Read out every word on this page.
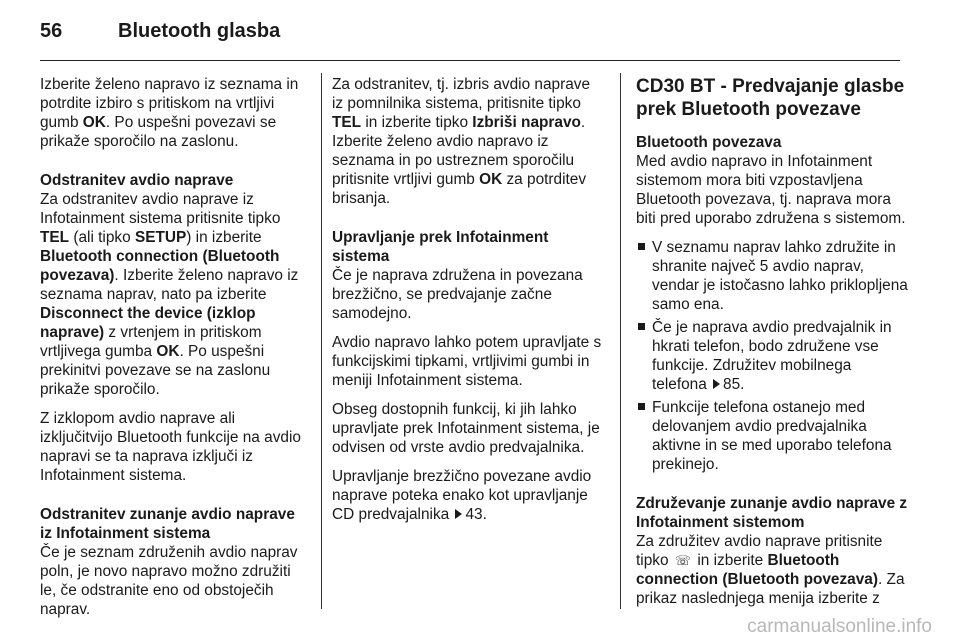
56	Bluetooth glasba

Izberite želeno napravo iz seznama in potrdite izbiro s pritiskom na vrtljivi gumb OK. Po uspešni povezavi se prikaže sporočilo na zaslonu.

Odstranitev avdio naprave
Za odstranitev avdio naprave iz Infotainment sistema pritisnite tipko TEL (ali tipko SETUP) in izberite Bluetooth connection (Bluetooth povezava). Izberite želeno napravo iz seznama naprav, nato pa izberite Disconnect the device (izklop naprave) z vrtenjem in pritiskom vrtljivega gumba OK. Po uspešni prekinitvi povezave se na zaslonu prikaže sporočilo.

Z izklopom avdio naprave ali izključitvijo Bluetooth funkcije na avdio napravi se ta naprava izključi iz Infotainment sistema.

Odstranitev zunanje avdio naprave iz Infotainment sistema
Če je seznam združenih avdio naprav poln, je novo napravo možno združiti le, če odstranite eno od obstoječih naprav.

Za odstranitev, tj. izbris avdio naprave iz pomnilnika sistema, pritisnite tipko TEL in izberite tipko Izbriši napravo. Izberite želeno avdio napravo iz seznama in po ustreznem sporočilu pritisnite vrtljivi gumb OK za potrditev brisanja.

Upravljanje prek Infotainment sistema
Če je naprava združena in povezana brezžično, se predvajanje začne samodejno.

Avdio napravo lahko potem upravljate s funkcijskimi tipkami, vrtljivimi gumbi in meniji Infotainment sistema.

Obseg dostopnih funkcij, ki jih lahko upravljate prek Infotainment sistema, je odvisen od vrste avdio predvajalnika.

Upravljanje brezžično povezane avdio naprave poteka enako kot upravljanje CD predvajalnika 43.

CD30 BT - Predvajanje glasbe prek Bluetooth povezave

Bluetooth povezava
Med avdio napravo in Infotainment sistemom mora biti vzpostavljena Bluetooth povezava, tj. naprava mora biti pred uporabo združena s sistemom.

V seznamu naprav lahko združite in shranite največ 5 avdio naprav, vendar je istočasno lahko priklopljena samo ena.
Če je naprava avdio predvajalnik in hkrati telefon, bodo združene vse funkcije. Združitev mobilnega telefona 85.
Funkcije telefona ostanejo med delovanjem avdio predvajalnika aktivne in se med uporabo telefona prekinejo.

Združevanje zunanje avdio naprave z Infotainment sistemom
Za združitev avdio naprave pritisnite tipko ☏ in izberite Bluetooth connection (Bluetooth povezava). Za prikaz naslednjega menija izberite z

carmanualsonline.info
